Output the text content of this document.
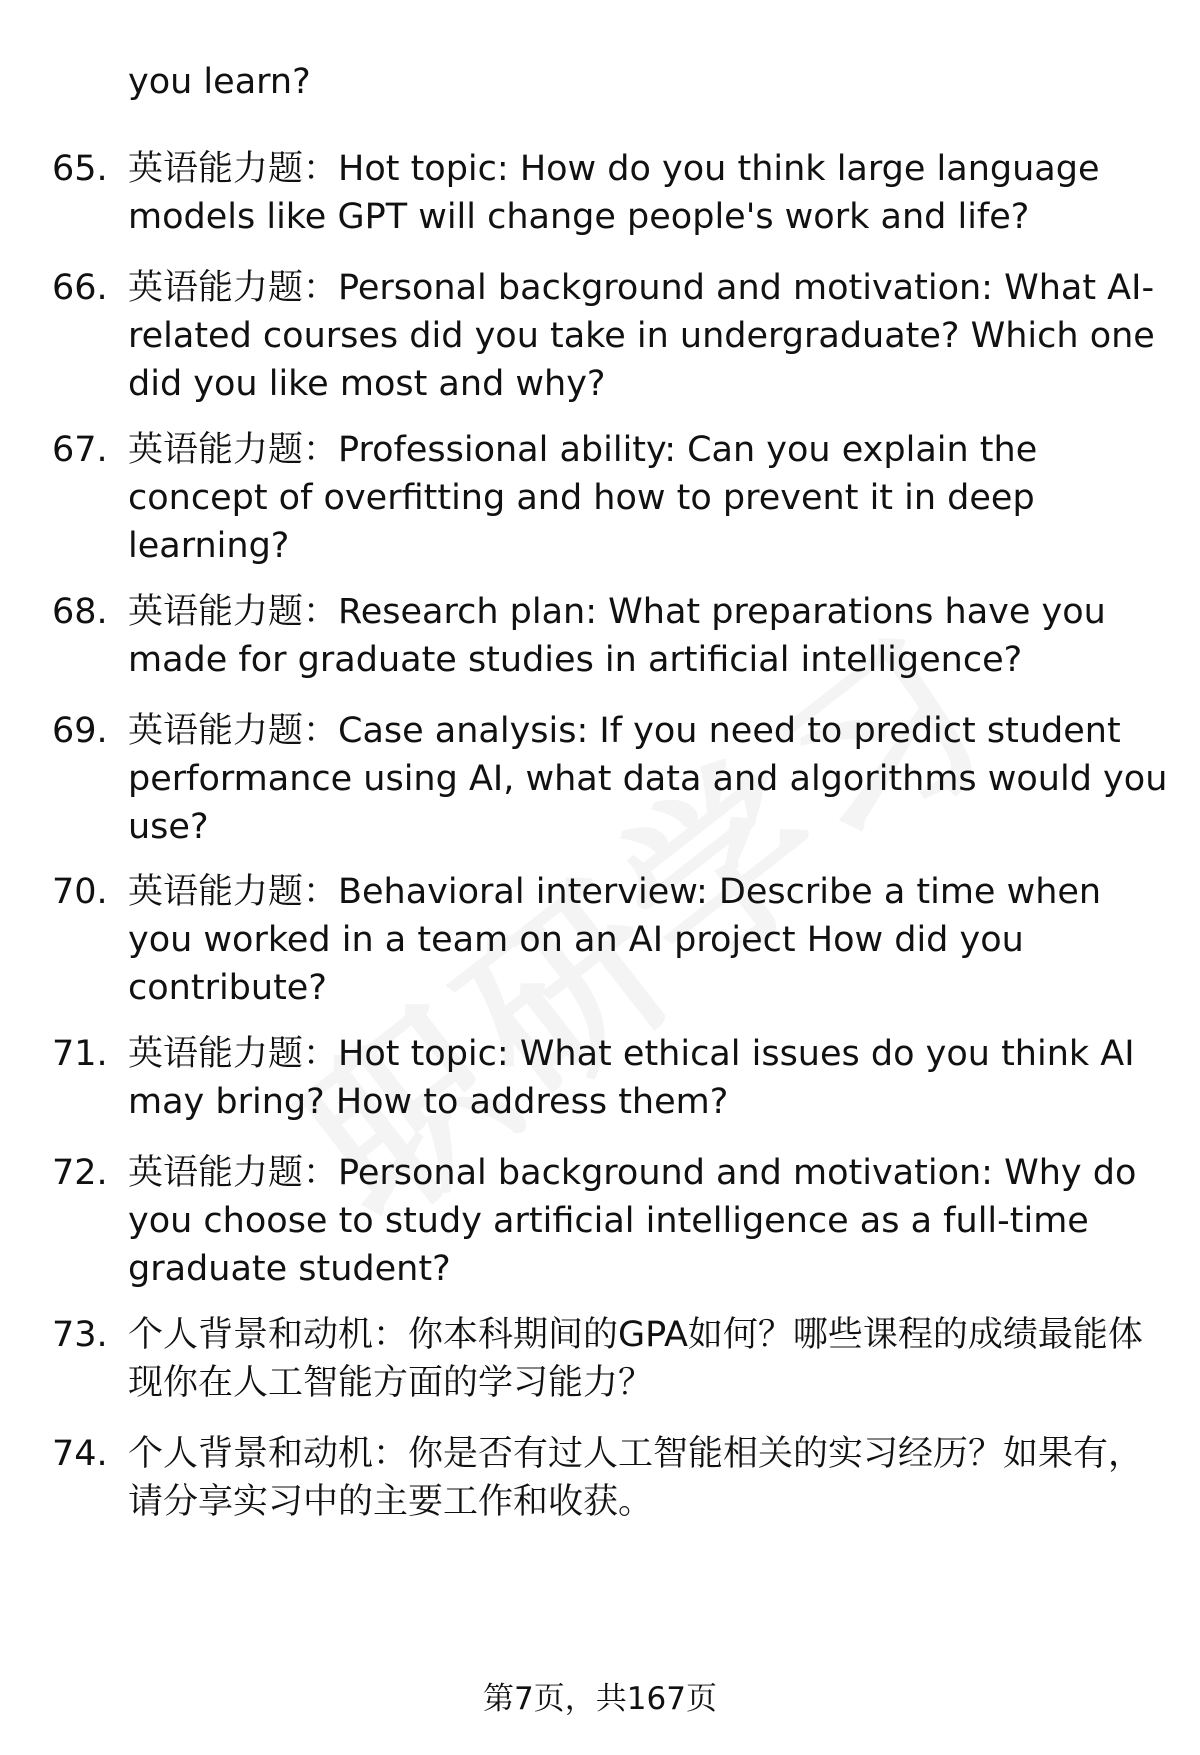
you learn?
65. 英语能力题：Hot topic: How do you think large language models like GPT will change people's work and life?
66. 英语能力题：Personal background and motivation: What AI-related courses did you take in undergraduate? Which one did you like most and why?
67. 英语能力题：Professional ability: Can you explain the concept of overfitting and how to prevent it in deep learning?
68. 英语能力题：Research plan: What preparations have you made for graduate studies in artificial intelligence?
69. 英语能力题：Case analysis: If you need to predict student performance using AI, what data and algorithms would you use?
70. 英语能力题：Behavioral interview: Describe a time when you worked in a team on an AI project How did you contribute?
71. 英语能力题：Hot topic: What ethical issues do you think AI may bring? How to address them?
72. 英语能力题：Personal background and motivation: Why do you choose to study artificial intelligence as a full-time graduate student?
73. 个人背景和动机：你本科期间的GPA如何？哪些课程的成绩最能体现你在人工智能方面的学习能力？
74. 个人背景和动机：你是否有过人工智能相关的实习经历？如果有，请分享实习中的主要工作和收获。
第7页，共167页
